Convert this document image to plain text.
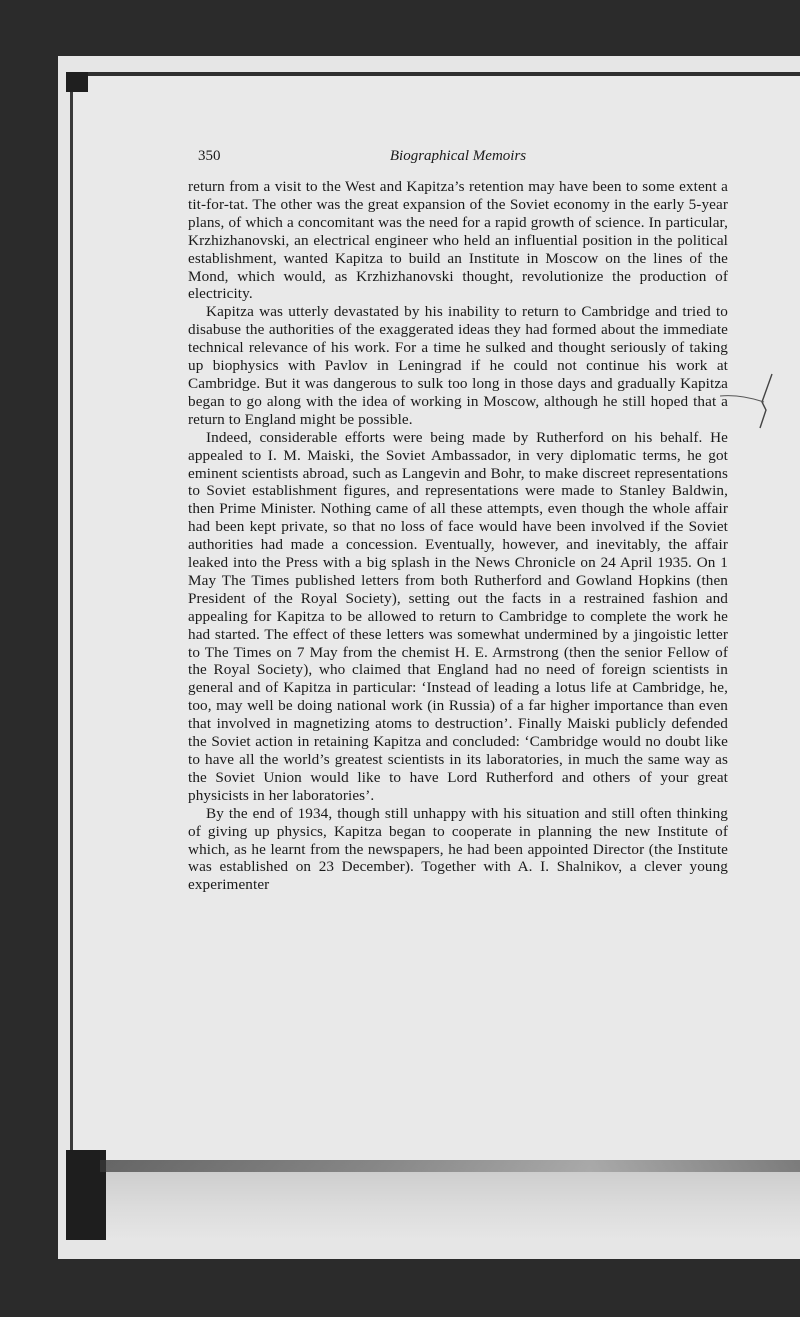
350	Biographical Memoirs

return from a visit to the West and Kapitza’s retention may have been to some extent a tit-for-tat. The other was the great expansion of the Soviet economy in the early 5-year plans, of which a concomitant was the need for a rapid growth of science. In particular, Krzhizhanovski, an electrical engineer who held an influential position in the political establishment, wanted Kapitza to build an Institute in Moscow on the lines of the Mond, which would, as Krzhizhanovski thought, revolutionize the production of electricity.

Kapitza was utterly devastated by his inability to return to Cambridge and tried to disabuse the authorities of the exaggerated ideas they had formed about the immediate technical relevance of his work. For a time he sulked and thought seriously of taking up biophysics with Pavlov in Leningrad if he could not continue his work at Cambridge. But it was dangerous to sulk too long in those days and gradually Kapitza began to go along with the idea of working in Moscow, although he still hoped that a return to England might be possible.

Indeed, considerable efforts were being made by Rutherford on his behalf. He appealed to I. M. Maiski, the Soviet Ambassador, in very diplomatic terms, he got eminent scientists abroad, such as Langevin and Bohr, to make discreet representations to Soviet establishment figures, and representations were made to Stanley Baldwin, then Prime Minister. Nothing came of all these attempts, even though the whole affair had been kept private, so that no loss of face would have been involved if the Soviet authorities had made a concession. Eventually, however, and inevitably, the affair leaked into the Press with a big splash in the News Chronicle on 24 April 1935. On 1 May The Times published letters from both Rutherford and Gowland Hopkins (then President of the Royal Society), setting out the facts in a restrained fashion and appealing for Kapitza to be allowed to return to Cambridge to complete the work he had started. The effect of these letters was somewhat undermined by a jingoistic letter to The Times on 7 May from the chemist H. E. Armstrong (then the senior Fellow of the Royal Society), who claimed that England had no need of foreign scientists in general and of Kapitza in particular: ‘Instead of leading a lotus life at Cambridge, he, too, may well be doing national work (in Russia) of a far higher importance than even that involved in magnetizing atoms to destruction’. Finally Maiski publicly defended the Soviet action in retaining Kapitza and concluded: ‘Cambridge would no doubt like to have all the world’s greatest scientists in its laboratories, in much the same way as the Soviet Union would like to have Lord Rutherford and others of your great physicists in her laboratories’.

By the end of 1934, though still unhappy with his situation and still often thinking of giving up physics, Kapitza began to cooperate in planning the new Institute of which, as he learnt from the newspapers, he had been appointed Director (the Institute was established on 23 December). Together with A. I. Shalnikov, a clever young experimenter
